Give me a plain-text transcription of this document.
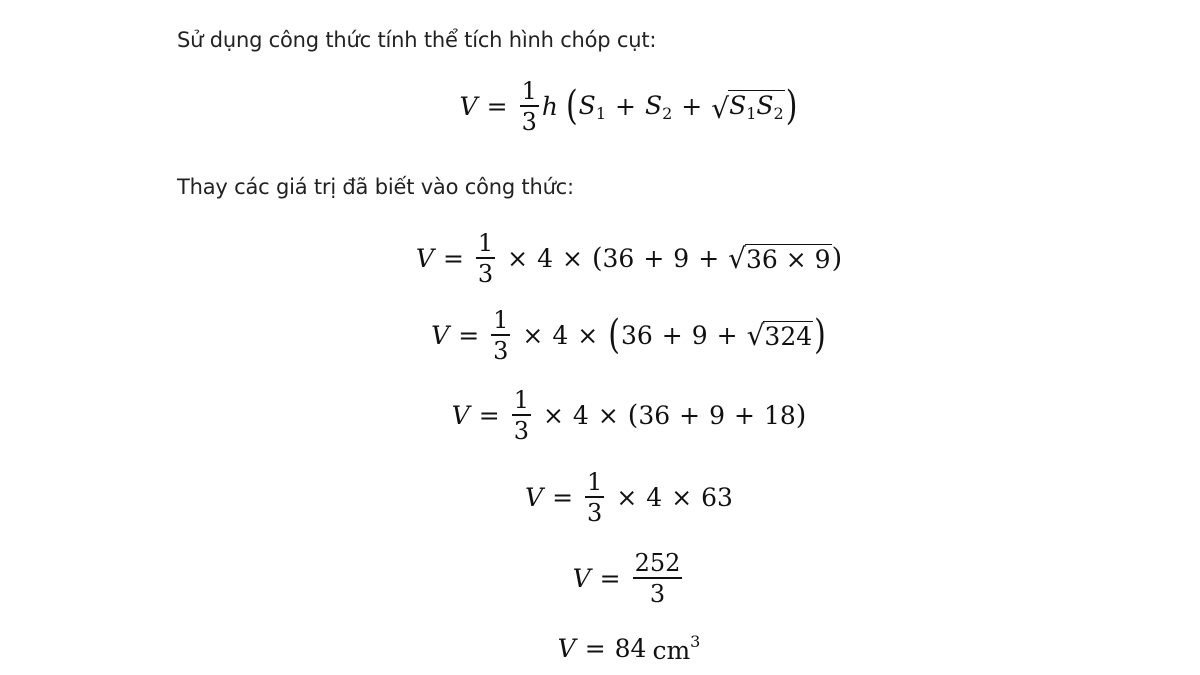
Sử dụng công thức tính thể tích hình chóp cụt:
$V = \frac{1}{3}$ h ( $S_1 + S_2$ + √ $S_1S_2$ )
Thay các giá trị đã biết vào công thức:
$V = \frac{1}{3} \times 4$ × ( 36 + 9 + √ 36 × 9 )
$V = \frac{1}{3} \times 4$ × ( 36 + 9 + √ 324 )
$V = \frac{1}{3} \times 4$ × ( 36 + 9 + 18 )
$V = \frac{1}{3} \times 4 \times 63$
$V = \frac{252}{3}$
V = 84 $cm^3$
